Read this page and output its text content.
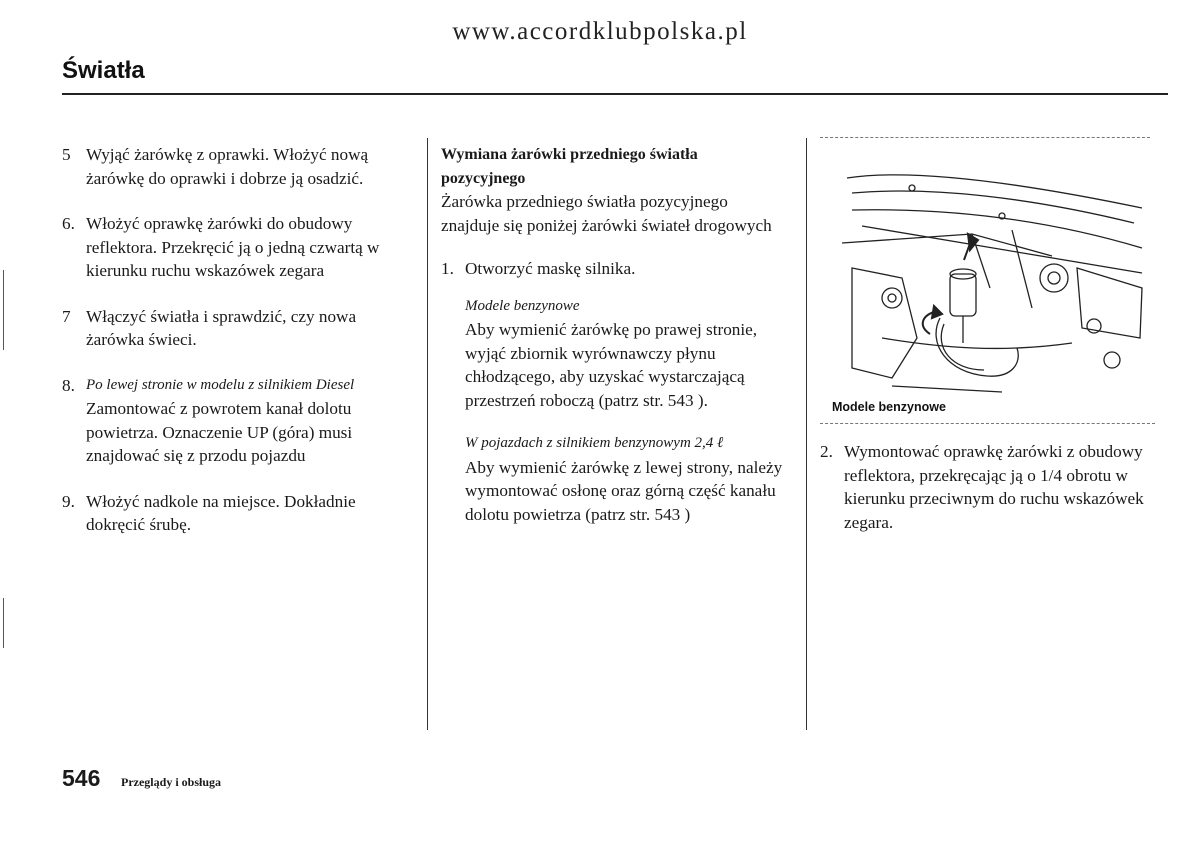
www.accordklubpolska.pl
Światła
5 Wyjąć żarówkę z oprawki. Włożyć nową żarówkę do oprawki i dobrze ją osadzić.
6. Włożyć oprawkę żarówki do obudowy reflektora. Przekręcić ją o jedną czwartą w kierunku ruchu wskazówek zegara
7 Włączyć światła i sprawdzić, czy nowa żarówka świeci.
8. Po lewej stronie w modelu z silnikiem Diesel
Zamontować z powrotem kanał dolotu powietrza. Oznaczenie UP (góra) musi znajdować się z przodu pojazdu
9. Włożyć nadkole na miejsce. Dokładnie dokręcić śrubę.
Wymiana żarówki przedniego światła pozycyjnego
Żarówka przedniego światła pozycyjnego znajduje się poniżej żarówki świateł drogowych
1. Otworzyć maskę silnika.
Modele benzynowe
Aby wymienić żarówkę po prawej stronie, wyjąć zbiornik wyrównawczy płynu chłodzącego, aby uzyskać wystarczającą przestrzeń roboczą (patrz str. 543 ).
W pojazdach z silnikiem benzynowym 2,4 ℓ
Aby wymienić żarówkę z lewej strony, należy wymontować osłonę oraz górną część kanału dolotu powietrza (patrz str. 543 )
Modele benzynowe
2. Wymontować oprawkę żarówki z obudowy reflektora, przekręcając ją o 1/4 obrotu w kierunku przeciwnym do ruchu wskazówek zegara.
546 Przeglądy i obsługa
